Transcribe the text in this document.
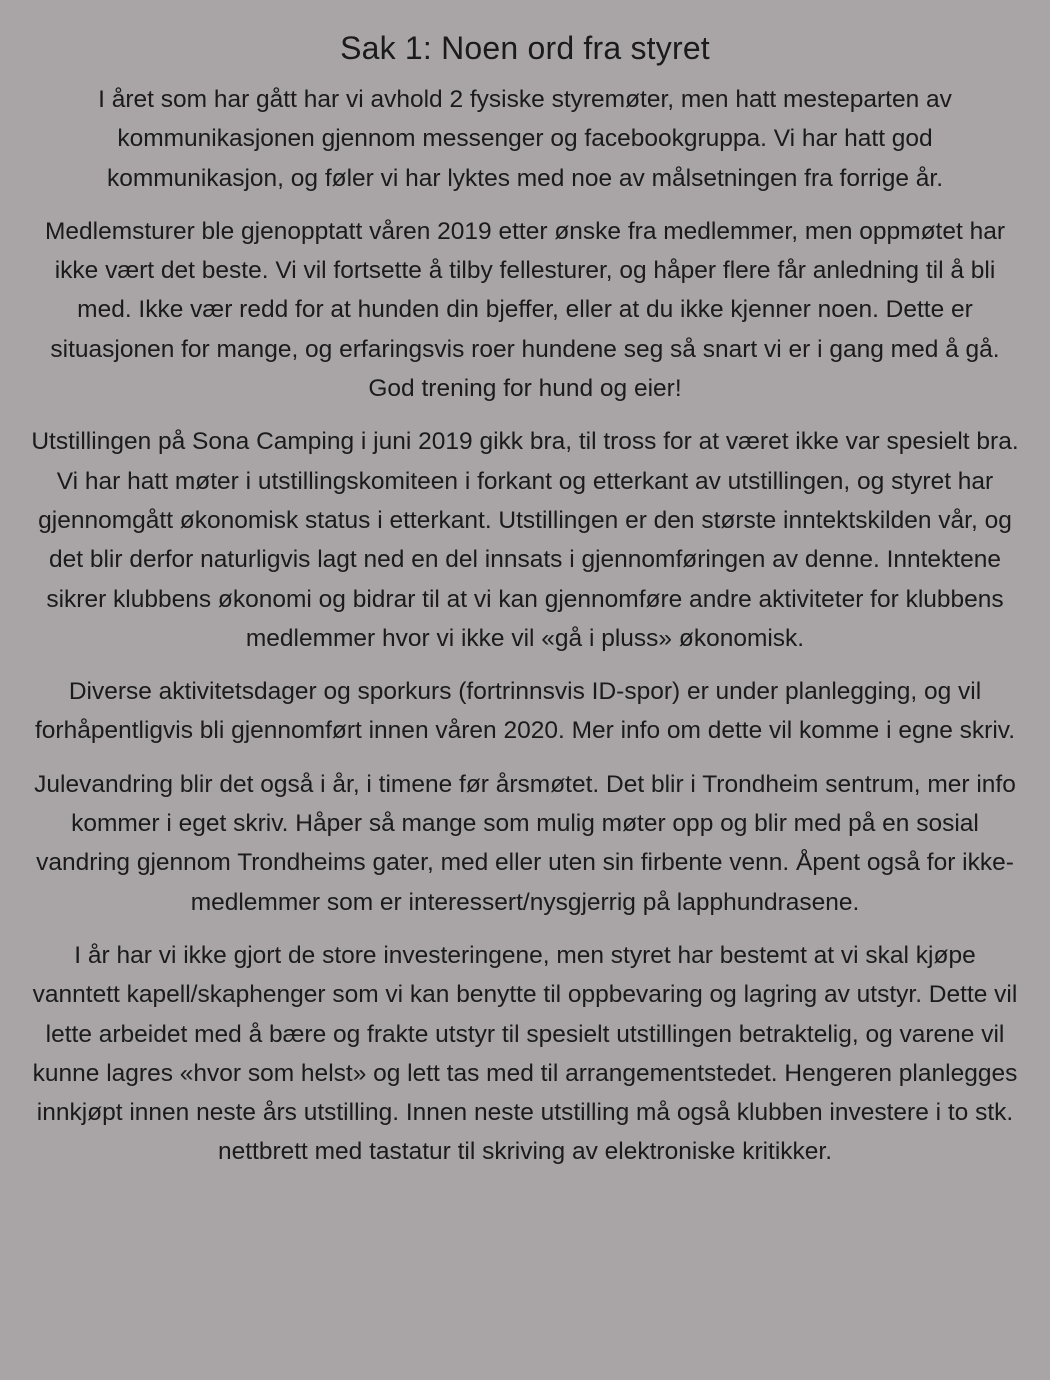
Sak 1: Noen ord fra styret

I året som har gått har vi avhold 2 fysiske styremøter, men hatt mesteparten av kommunikasjonen gjennom messenger og facebookgruppa. Vi har hatt god kommunikasjon, og føler vi har lyktes med noe av målsetningen fra forrige år.

Medlemsturer ble gjenopptatt våren 2019 etter ønske fra medlemmer, men oppmøtet har ikke vært det beste. Vi vil fortsette å tilby fellesturer, og håper flere får anledning til å bli med. Ikke vær redd for at hunden din bjeffer, eller at du ikke kjenner noen. Dette er situasjonen for mange, og erfaringsvis roer hundene seg så snart vi er i gang med å gå. God trening for hund og eier!

Utstillingen på Sona Camping i juni 2019 gikk bra, til tross for at været ikke var spesielt bra. Vi har hatt møter i utstillingskomiteen i forkant og etterkant av utstillingen, og styret har gjennomgått økonomisk status i etterkant. Utstillingen er den største inntektskilden vår, og det blir derfor naturligvis lagt ned en del innsats i gjennomføringen av denne. Inntektene sikrer klubbens økonomi og bidrar til at vi kan gjennomføre andre aktiviteter for klubbens medlemmer hvor vi ikke vil «gå i pluss» økonomisk.

Diverse aktivitetsdager og sporkurs (fortrinnsvis ID-spor) er under planlegging, og vil forhåpentligvis bli gjennomført innen våren 2020. Mer info om dette vil komme i egne skriv.

Julevandring blir det også i år, i timene før årsmøtet. Det blir i Trondheim sentrum, mer info kommer i eget skriv. Håper så mange som mulig møter opp og blir med på en sosial vandring gjennom Trondheims gater, med eller uten sin firbente venn. Åpent også for ikke-medlemmer som er interessert/nysgjerrig på lapphundrasene.

I år har vi ikke gjort de store investeringene, men styret har bestemt at vi skal kjøpe vanntett kapell/skaphenger som vi kan benytte til oppbevaring og lagring av utstyr. Dette vil lette arbeidet med å bære og frakte utstyr til spesielt utstillingen betraktelig, og varene vil kunne lagres «hvor som helst» og lett tas med til arrangementstedet. Hengeren planlegges innkjøpt innen neste års utstilling. Innen neste utstilling må også klubben investere i to stk. nettbrett med tastatur til skriving av elektroniske kritikker.
